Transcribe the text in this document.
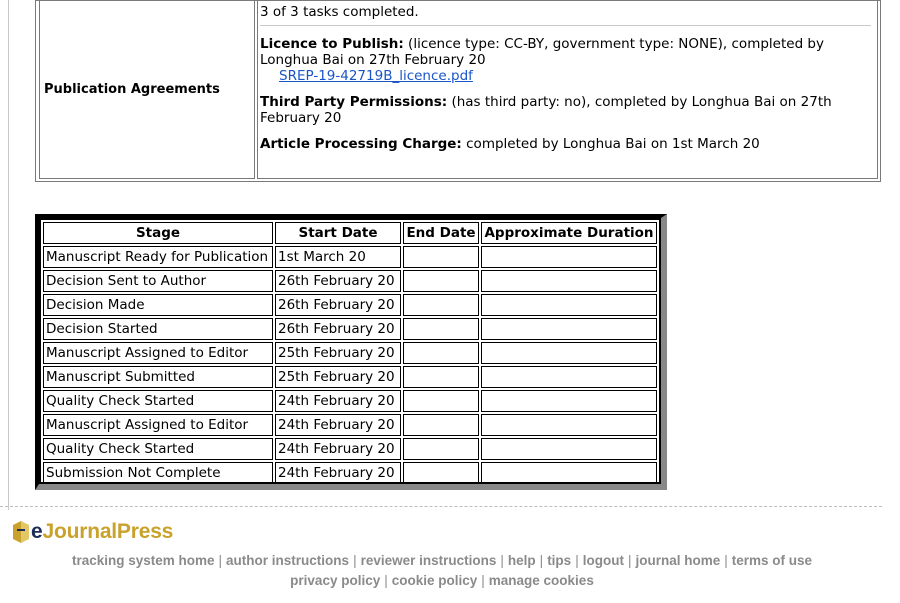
Publication Agreements
3 of 3 tasks completed.
Licence to Publish: (licence type: CC-BY, government type: NONE), completed by Longhua Bai on 27th February 20
SREP-19-42719B_licence.pdf
Third Party Permissions: (has third party: no), completed by Longhua Bai on 27th February 20
Article Processing Charge: completed by Longhua Bai on 1st March 20
Stage	Start Date	End Date	Approximate Duration
Manuscript Ready for Publication	1st March 20		
Decision Sent to Author	26th February 20		
Decision Made	26th February 20		
Decision Started	26th February 20		
Manuscript Assigned to Editor	25th February 20		
Manuscript Submitted	25th February 20		
Quality Check Started	24th February 20		
Manuscript Assigned to Editor	24th February 20		
Quality Check Started	24th February 20		
Submission Not Complete	24th February 20		
eJournalPress
tracking system home | author instructions | reviewer instructions | help | tips | logout | journal home | terms of use
privacy policy | cookie policy | manage cookies
